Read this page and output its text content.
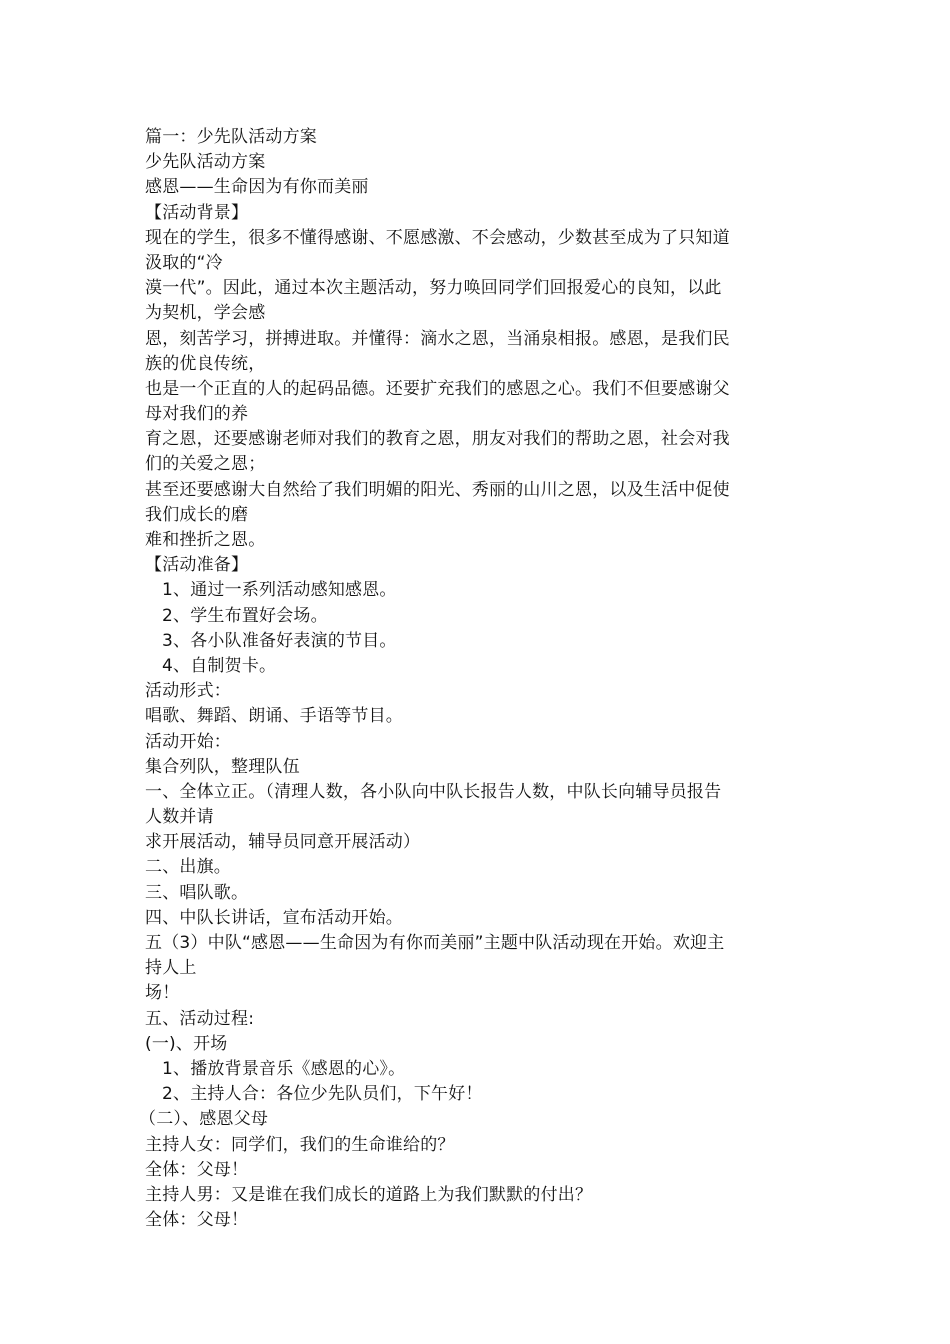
篇一：少先队活动方案
少先队活动方案
感恩——生命因为有你而美丽
【活动背景】
现在的学生，很多不懂得感谢、不愿感激、不会感动，少数甚至成为了只知道
汲取的“冷
漠一代”。因此，通过本次主题活动，努力唤回同学们回报爱心的良知，以此
为契机，学会感
恩，刻苦学习，拼搏进取。并懂得：滴水之恩，当涌泉相报。感恩，是我们民
族的优良传统，
也是一个正直的人的起码品德。还要扩充我们的感恩之心。我们不但要感谢父
母对我们的养
育之恩，还要感谢老师对我们的教育之恩，朋友对我们的帮助之恩，社会对我
们的关爱之恩；
甚至还要感谢大自然给了我们明媚的阳光、秀丽的山川之恩，以及生活中促使
我们成长的磨
难和挫折之恩。
【活动准备】
1、通过一系列活动感知感恩。
2、学生布置好会场。
3、各小队准备好表演的节目。
4、自制贺卡。
活动形式：
唱歌、舞蹈、朗诵、手语等节目。
活动开始：
集合列队，整理队伍
一、全体立正。（清理人数，各小队向中队长报告人数，中队长向辅导员报告
人数并请
求开展活动，辅导员同意开展活动）
二、出旗。
三、唱队歌。
四、中队长讲话，宣布活动开始。
五（3）中队“感恩——生命因为有你而美丽”主题中队活动现在开始。欢迎主
持人上
场！
五、活动过程:
(一)、开场
1、播放背景音乐《感恩的心》。
2、主持人合：各位少先队员们，下午好！
（二）、感恩父母
主持人女：同学们，我们的生命谁给的？
全体：父母！
主持人男：又是谁在我们成长的道路上为我们默默的付出？
全体：父母！
